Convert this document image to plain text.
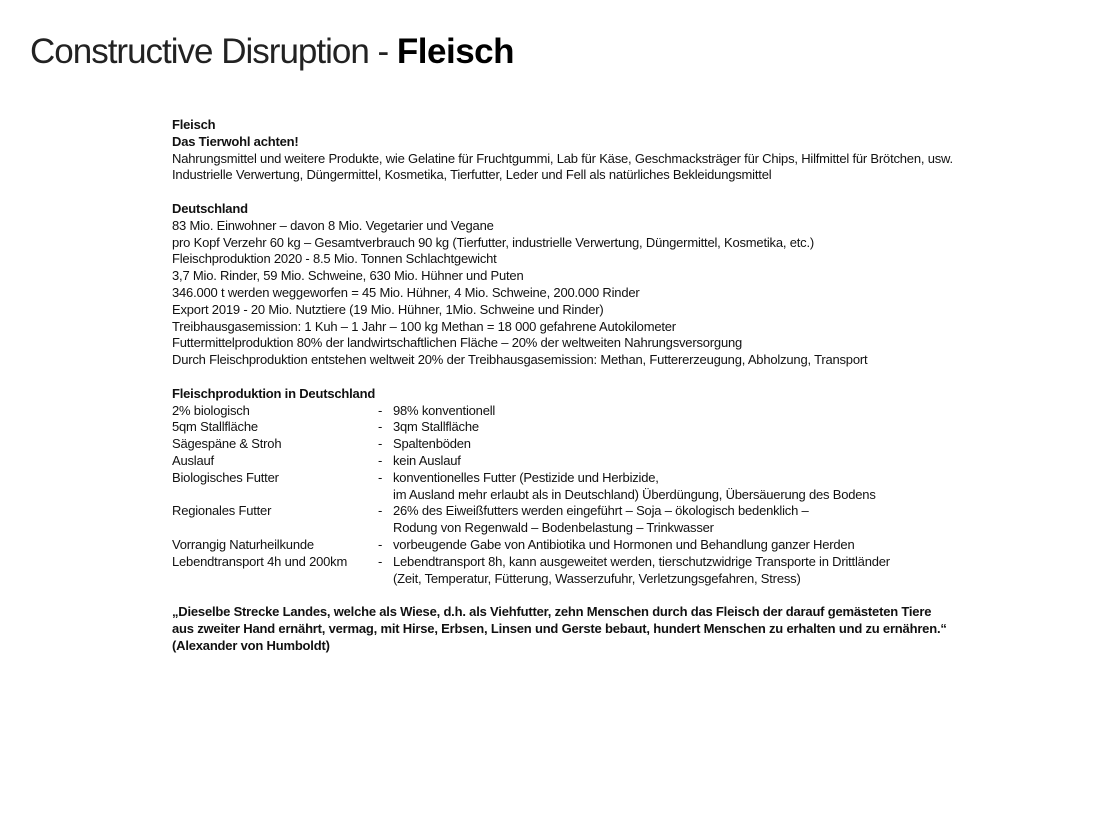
Constructive Disruption - Fleisch
Fleisch
Das Tierwohl achten!
Nahrungsmittel und weitere Produkte, wie Gelatine für Fruchtgummi, Lab für Käse, Geschmacksträger für Chips, Hilfmittel für Brötchen, usw.
Industrielle Verwertung, Düngermittel, Kosmetika, Tierfutter, Leder und Fell als natürliches Bekleidungsmittel
Deutschland
83 Mio. Einwohner – davon 8 Mio. Vegetarier und Vegane
pro Kopf Verzehr 60 kg – Gesamtverbrauch 90 kg (Tierfutter, industrielle Verwertung, Düngermittel, Kosmetika, etc.)
Fleischproduktion 2020 - 8.5 Mio. Tonnen Schlachtgewicht
3,7 Mio. Rinder, 59 Mio. Schweine, 630 Mio. Hühner und Puten
346.000 t werden weggeworfen = 45 Mio. Hühner, 4 Mio. Schweine, 200.000 Rinder
Export 2019 - 20 Mio. Nutztiere (19 Mio. Hühner, 1Mio. Schweine und Rinder)
Treibhausgasemission: 1 Kuh – 1 Jahr – 100 kg Methan = 18 000 gefahrene Autokilometer
Futtermittelproduktion 80% der landwirtschaftlichen Fläche – 20% der weltweiten Nahrungsversorgung
Durch Fleischproduktion entstehen weltweit 20% der Treibhausgasemission: Methan, Futtererzeugung, Abholzung, Transport
Fleischproduktion in Deutschland
2% biologisch	- 98% konventionell
5qm Stallfläche	- 3qm Stallfläche
Sägespäne & Stroh	- Spaltenböden
Auslauf	- kein Auslauf
Biologisches Futter	- konventionelles Futter (Pestizide und Herbizide,
im Ausland mehr erlaubt als in Deutschland) Überdüngung, Übersäuerung des Bodens
Regionales Futter	- 26% des Eiweißfutters werden eingeführt – Soja – ökologisch bedenklich –
Rodung von Regenwald – Bodenbelastung – Trinkwasser
Vorrangig Naturheilkunde	- vorbeugende Gabe von Antibiotika und Hormonen und Behandlung ganzer Herden
Lebendtransport 4h und 200km	- Lebendtransport 8h, kann ausgeweitet werden, tierschutzwidrige Transporte in Drittländer
(Zeit, Temperatur, Fütterung, Wasserzufuhr, Verletzungsgefahren, Stress)
„Dieselbe Strecke Landes, welche als Wiese, d.h. als Viehfutter, zehn Menschen durch das Fleisch der darauf gemästeten Tiere
aus zweiter Hand ernährt, vermag, mit Hirse, Erbsen, Linsen und Gerste bebaut, hundert Menschen zu erhalten und zu ernähren.“
(Alexander von Humboldt)
